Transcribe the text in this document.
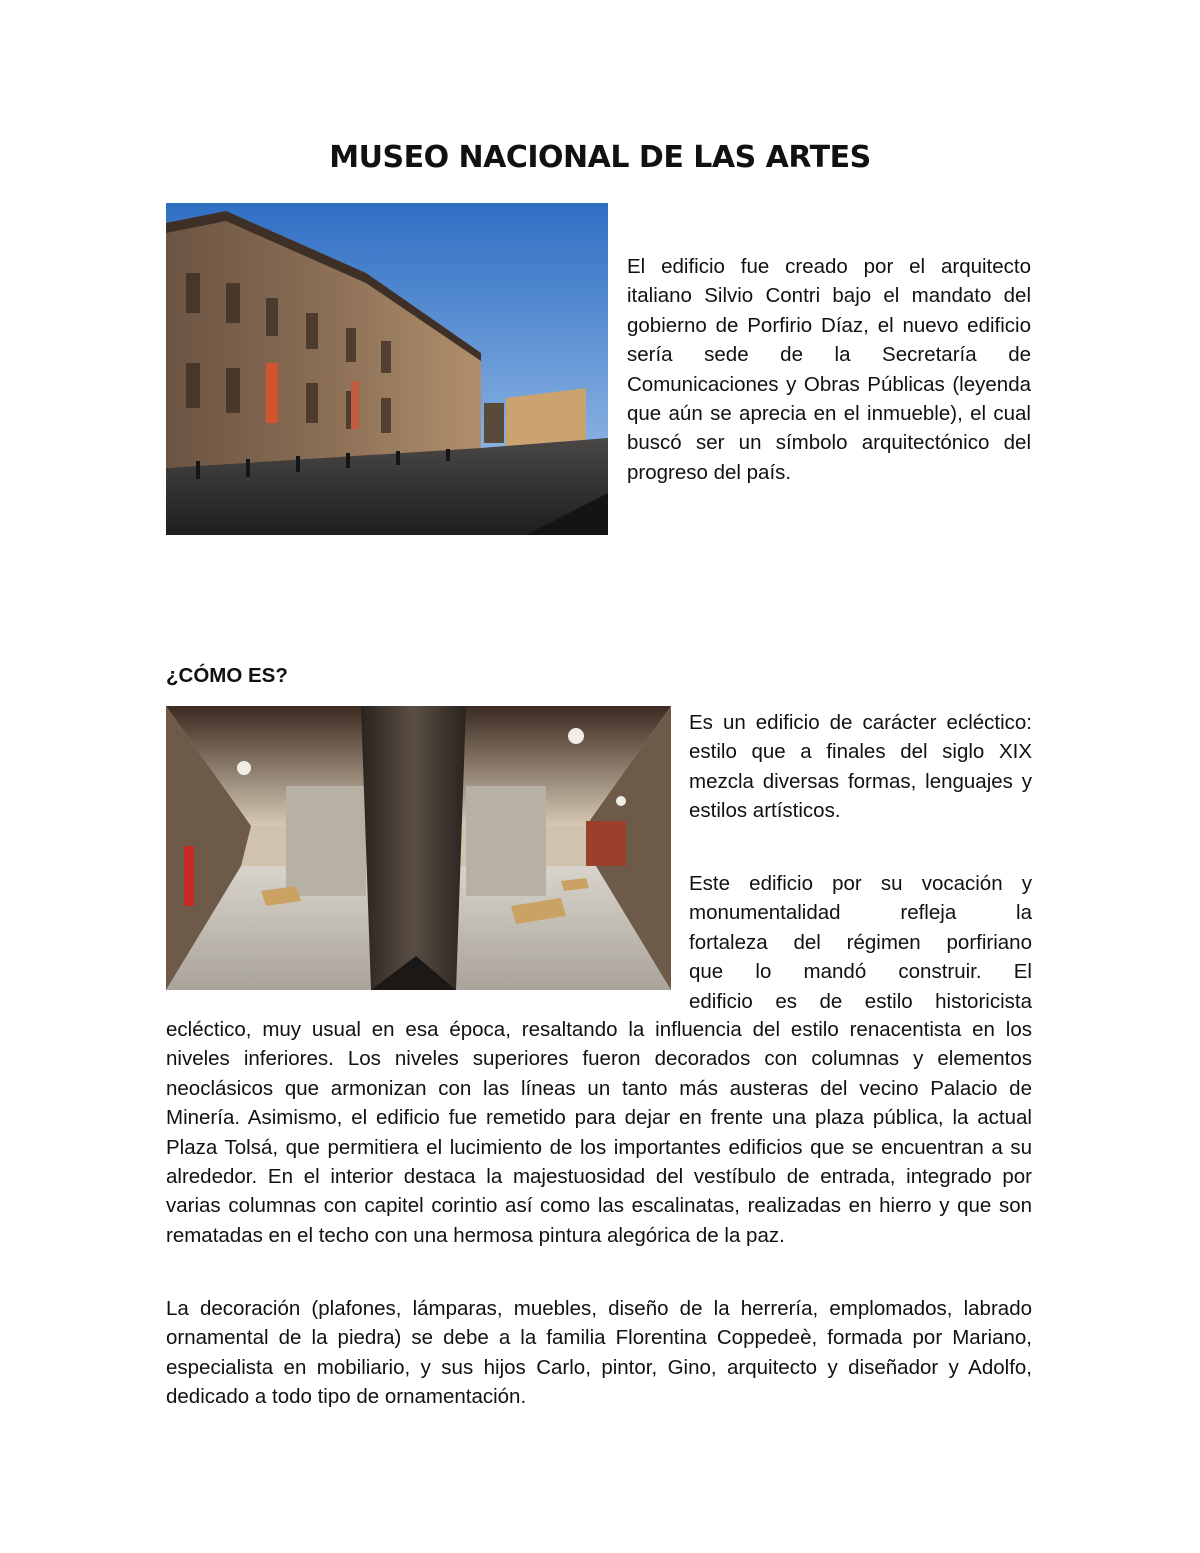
MUSEO NACIONAL DE LAS ARTES

El edificio fue creado por el arquitecto italiano Silvio Contri bajo el mandato del gobierno de Porfirio Díaz, el nuevo edificio sería sede de la Secretaría de Comunicaciones y Obras Públicas (leyenda que aún se aprecia en el inmueble), el cual buscó ser un símbolo arquitectónico del progreso del país.

¿CÓMO ES?

Es un edificio de carácter ecléctico: estilo que a finales del siglo XIX mezcla diversas formas, lenguajes y estilos artísticos.

Este edificio por su vocación y
monumentalidad refleja la
fortaleza del régimen porfiriano
que lo mandó construir. El
edificio es de estilo historicista

ecléctico, muy usual en esa época, resaltando la influencia del estilo renacentista en los niveles inferiores. Los niveles superiores fueron decorados con columnas y elementos neoclásicos que armonizan con las líneas un tanto más austeras del vecino Palacio de Minería. Asimismo, el edificio fue remetido para dejar en frente una plaza pública, la actual Plaza Tolsá, que permitiera el lucimiento de los importantes edificios que se encuentran a su alrededor. En el interior destaca la majestuosidad del vestíbulo de entrada, integrado por varias columnas con capitel corintio así como las escalinatas, realizadas en hierro y que son rematadas en el techo con una hermosa pintura alegórica de la paz.

La decoración (plafones, lámparas, muebles, diseño de la herrería, emplomados, labrado ornamental de la piedra) se debe a la familia Florentina Coppedeè, formada por Mariano, especialista en mobiliario, y sus hijos Carlo, pintor, Gino, arquitecto y diseñador y Adolfo, dedicado a todo tipo de ornamentación.
